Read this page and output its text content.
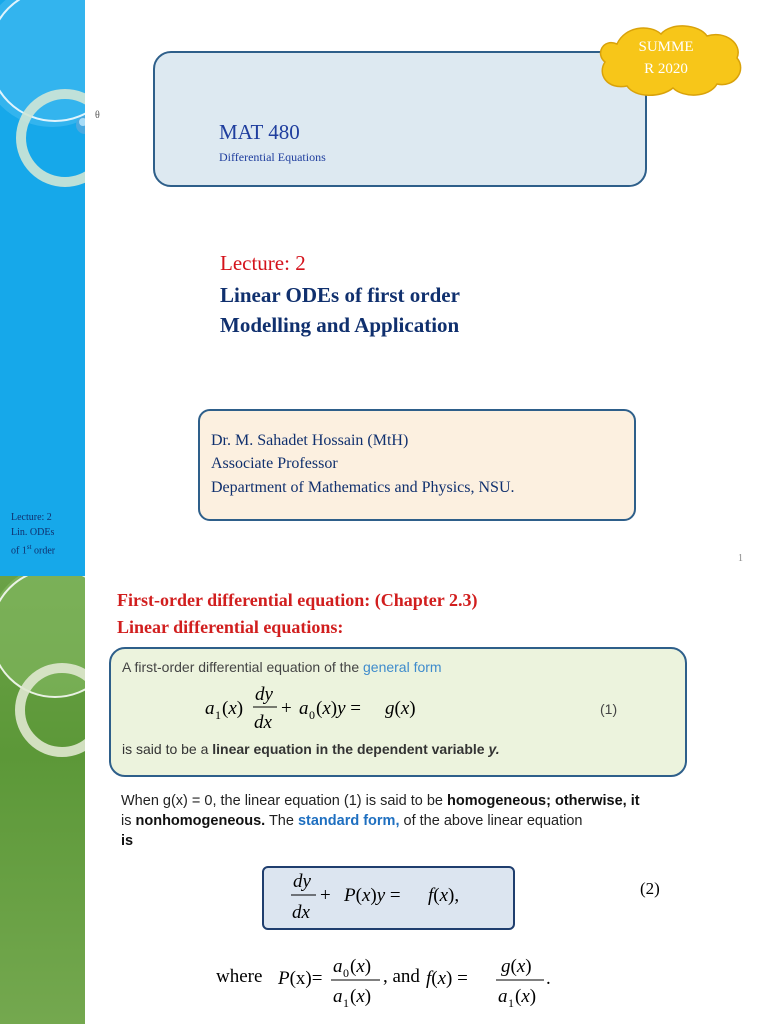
θ
MAT 480
Differential Equations
SUMME
R 2020
Lecture: 2
Linear ODEs of first order
Modelling and Application
Dr. M. Sahadet Hossain (MtH)
Associate Professor
Department of Mathematics and Physics, NSU.
Lecture: 2
Lin. ODEs
of 1st order
1
First-order differential equation: (Chapter 2.3)
Linear differential equations:
A first-order differential equation of the general form
a 1 (x)
dy
dx
+ a 0 (x)y = g(x)	(1)
is said to be a linear equation in the dependent variable y.
When g(x) = 0, the linear equation (1) is said to be homogeneous; otherwise, it
is nonhomogeneous. The standard form, of the above linear equation
is
dy
dx
+ P(x)y = f(x),	(2)
where P(x)=
a 0 (x)
a 1 (x)
f(x) =
g(x)
a 1 (x)
.
, and
